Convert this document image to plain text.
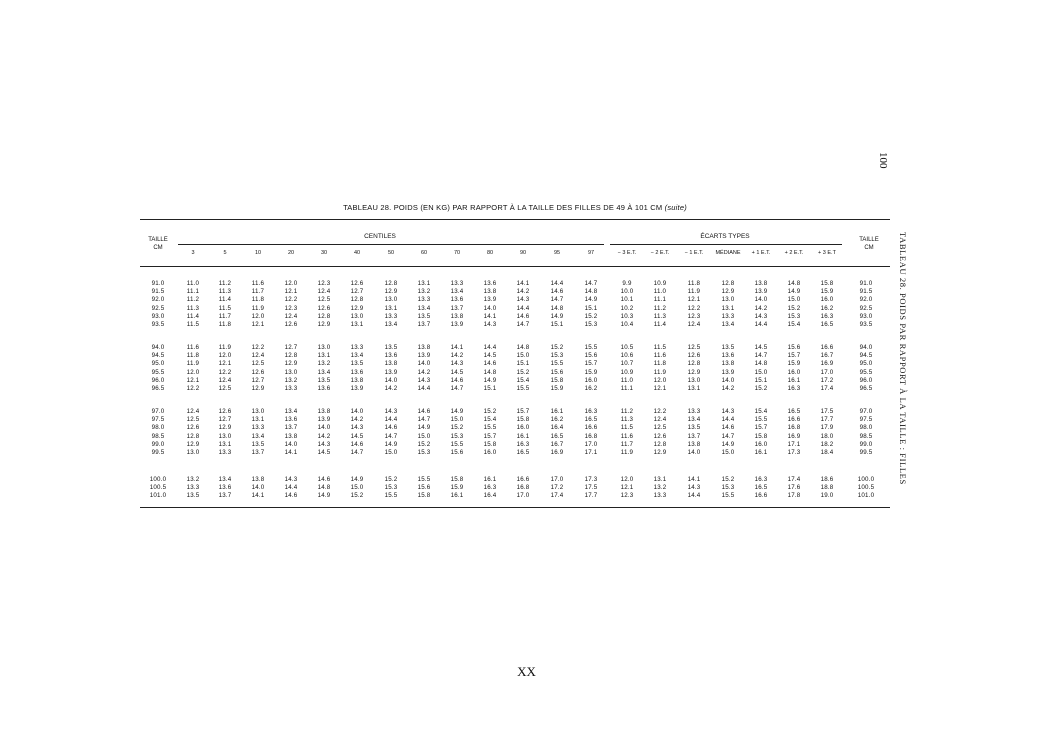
100
TABLEAU 28. POIDS PAR RAPPORT À LA TAILLE : FILLES
TABLEAU 28. POIDS (EN KG) PAR RAPPORT À LA TAILLE DES FILLES DE 49 À 101 CM (suite)
TAILLE
CM
TAILLE
CM
CENTILES	ÉCARTS TYPES
3	5	10	20	30	40	50	60	70	80	90	95	97	− 3 E.T.	− 2 E.T.	− 1 E.T.	MÉDIANE	+ 1 E.T.	+ 2 E.T.	+ 3 E.T
91.0	11.0	11.2	11.6	12.0	12.3	12.6	12.8	13.1	13.3	13.6	14.1	14.4	14.7	9.9	10.9	11.8	12.8	13.8	14.8	15.8	91.0
91.5	11.1	11.3	11.7	12.1	12.4	12.7	12.9	13.2	13.4	13.8	14.2	14.6	14.8	10.0	11.0	11.9	12.9	13.9	14.9	15.9	91.5
92.0	11.2	11.4	11.8	12.2	12.5	12.8	13.0	13.3	13.6	13.9	14.3	14.7	14.9	10.1	11.1	12.1	13.0	14.0	15.0	16.0	92.0
92.5	11.3	11.5	11.9	12.3	12.6	12.9	13.1	13.4	13.7	14.0	14.4	14.8	15.1	10.2	11.2	12.2	13.1	14.2	15.2	16.2	92.5
93.0	11.4	11.7	12.0	12.4	12.8	13.0	13.3	13.5	13.8	14.1	14.6	14.9	15.2	10.3	11.3	12.3	13.3	14.3	15.3	16.3	93.0
93.5	11.5	11.8	12.1	12.6	12.9	13.1	13.4	13.7	13.9	14.3	14.7	15.1	15.3	10.4	11.4	12.4	13.4	14.4	15.4	16.5	93.5
94.0	11.6	11.9	12.2	12.7	13.0	13.3	13.5	13.8	14.1	14.4	14.8	15.2	15.5	10.5	11.5	12.5	13.5	14.5	15.6	16.6	94.0
94.5	11.8	12.0	12.4	12.8	13.1	13.4	13.6	13.9	14.2	14.5	15.0	15.3	15.6	10.6	11.6	12.6	13.6	14.7	15.7	16.7	94.5
95.0	11.9	12.1	12.5	12.9	13.2	13.5	13.8	14.0	14.3	14.6	15.1	15.5	15.7	10.7	11.8	12.8	13.8	14.8	15.9	16.9	95.0
95.5	12.0	12.2	12.6	13.0	13.4	13.6	13.9	14.2	14.5	14.8	15.2	15.6	15.9	10.9	11.9	12.9	13.9	15.0	16.0	17.0	95.5
96.0	12.1	12.4	12.7	13.2	13.5	13.8	14.0	14.3	14.6	14.9	15.4	15.8	16.0	11.0	12.0	13.0	14.0	15.1	16.1	17.2	96.0
96.5	12.2	12.5	12.9	13.3	13.6	13.9	14.2	14.4	14.7	15.1	15.5	15.9	16.2	11.1	12.1	13.1	14.2	15.2	16.3	17.4	96.5
97.0	12.4	12.6	13.0	13.4	13.8	14.0	14.3	14.6	14.9	15.2	15.7	16.1	16.3	11.2	12.2	13.3	14.3	15.4	16.5	17.5	97.0
97.5	12.5	12.7	13.1	13.6	13.9	14.2	14.4	14.7	15.0	15.4	15.8	16.2	16.5	11.3	12.4	13.4	14.4	15.5	16.6	17.7	97.5
98.0	12.6	12.9	13.3	13.7	14.0	14.3	14.6	14.9	15.2	15.5	16.0	16.4	16.6	11.5	12.5	13.5	14.6	15.7	16.8	17.9	98.0
98.5	12.8	13.0	13.4	13.8	14.2	14.5	14.7	15.0	15.3	15.7	16.1	16.5	16.8	11.6	12.6	13.7	14.7	15.8	16.9	18.0	98.5
99.0	12.9	13.1	13.5	14.0	14.3	14.6	14.9	15.2	15.5	15.8	16.3	16.7	17.0	11.7	12.8	13.8	14.9	16.0	17.1	18.2	99.0
99.5	13.0	13.3	13.7	14.1	14.5	14.7	15.0	15.3	15.6	16.0	16.5	16.9	17.1	11.9	12.9	14.0	15.0	16.1	17.3	18.4	99.5
100.0	13.2	13.4	13.8	14.3	14.6	14.9	15.2	15.5	15.8	16.1	16.6	17.0	17.3	12.0	13.1	14.1	15.2	16.3	17.4	18.6	100.0
100.5	13.3	13.6	14.0	14.4	14.8	15.0	15.3	15.6	15.9	16.3	16.8	17.2	17.5	12.1	13.2	14.3	15.3	16.5	17.6	18.8	100.5
101.0	13.5	13.7	14.1	14.6	14.9	15.2	15.5	15.8	16.1	16.4	17.0	17.4	17.7	12.3	13.3	14.4	15.5	16.6	17.8	19.0	101.0
XX
